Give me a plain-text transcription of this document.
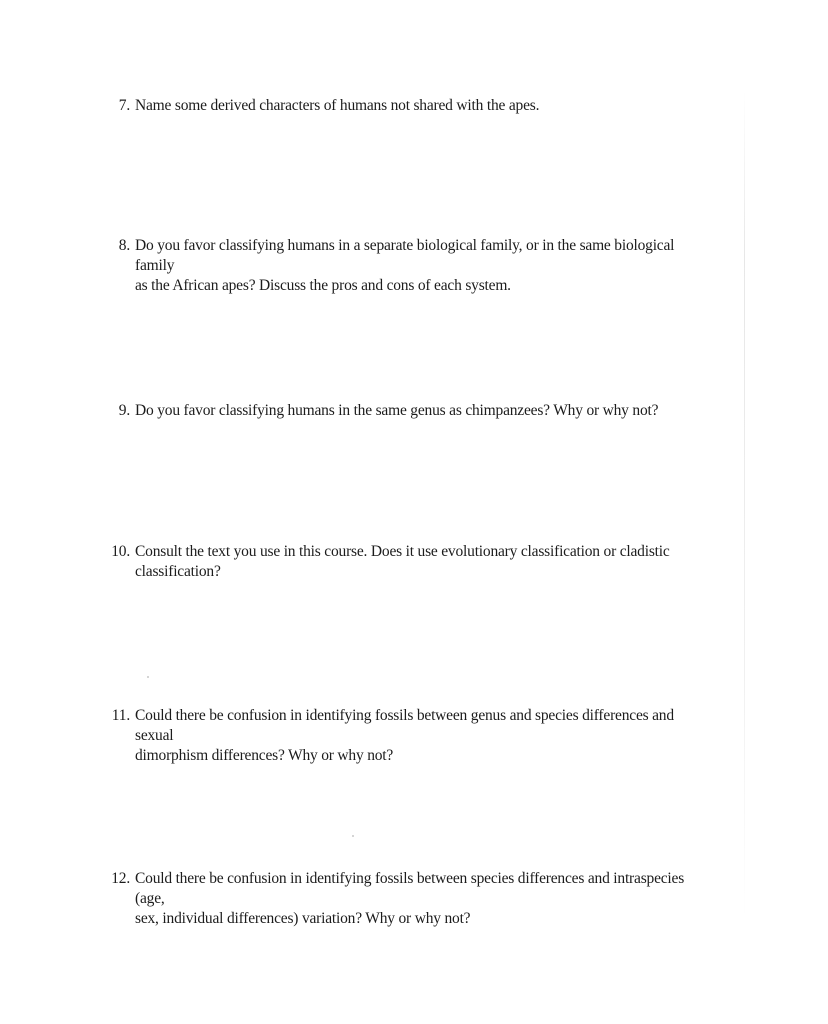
7. Name some derived characters of humans not shared with the apes.
8. Do you favor classifying humans in a separate biological family, or in the same biological family
as the African apes? Discuss the pros and cons of each system.
9. Do you favor classifying humans in the same genus as chimpanzees? Why or why not?
10. Consult the text you use in this course. Does it use evolutionary classification or cladistic
classification?
11. Could there be confusion in identifying fossils between genus and species differences and sexual
dimorphism differences? Why or why not?
12. Could there be confusion in identifying fossils between species differences and intraspecies (age,
sex, individual differences) variation? Why or why not?
